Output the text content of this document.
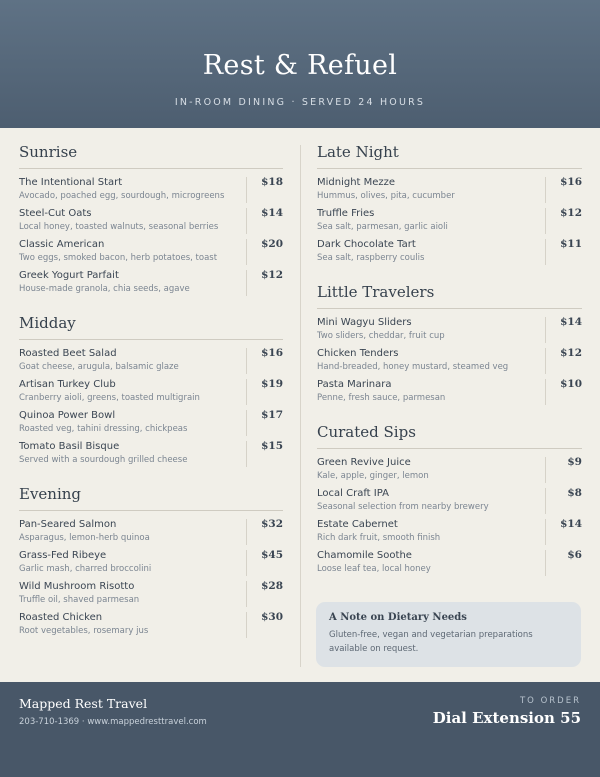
Rest & Refuel
IN-ROOM DINING · SERVED 24 HOURS
Sunrise
The Intentional Start
Avocado, poached egg, sourdough, microgreens
$18
Steel-Cut Oats
Local honey, toasted walnuts, seasonal berries
$14
Classic American
Two eggs, smoked bacon, herb potatoes, toast
$20
Greek Yogurt Parfait
House-made granola, chia seeds, agave
$12
Midday
Roasted Beet Salad
Goat cheese, arugula, balsamic glaze
$16
Artisan Turkey Club
Cranberry aioli, greens, toasted multigrain
$19
Quinoa Power Bowl
Roasted veg, tahini dressing, chickpeas
$17
Tomato Basil Bisque
Served with a sourdough grilled cheese
$15
Evening
Pan-Seared Salmon
Asparagus, lemon-herb quinoa
$32
Grass-Fed Ribeye
Garlic mash, charred broccolini
$45
Wild Mushroom Risotto
Truffle oil, shaved parmesan
$28
Roasted Chicken
Root vegetables, rosemary jus
$30
Late Night
Midnight Mezze
Hummus, olives, pita, cucumber
$16
Truffle Fries
Sea salt, parmesan, garlic aioli
$12
Dark Chocolate Tart
Sea salt, raspberry coulis
$11
Little Travelers
Mini Wagyu Sliders
Two sliders, cheddar, fruit cup
$14
Chicken Tenders
Hand-breaded, honey mustard, steamed veg
$12
Pasta Marinara
Penne, fresh sauce, parmesan
$10
Curated Sips
Green Revive Juice
Kale, apple, ginger, lemon
$9
Local Craft IPA
Seasonal selection from nearby brewery
$8
Estate Cabernet
Rich dark fruit, smooth finish
$14
Chamomile Soothe
Loose leaf tea, local honey
$6
A Note on Dietary Needs
Gluten-free, vegan and vegetarian preparations available on request.
Mapped Rest Travel
203-710-1369 · www.mappedresttravel.com
TO ORDER
Dial Extension 55
